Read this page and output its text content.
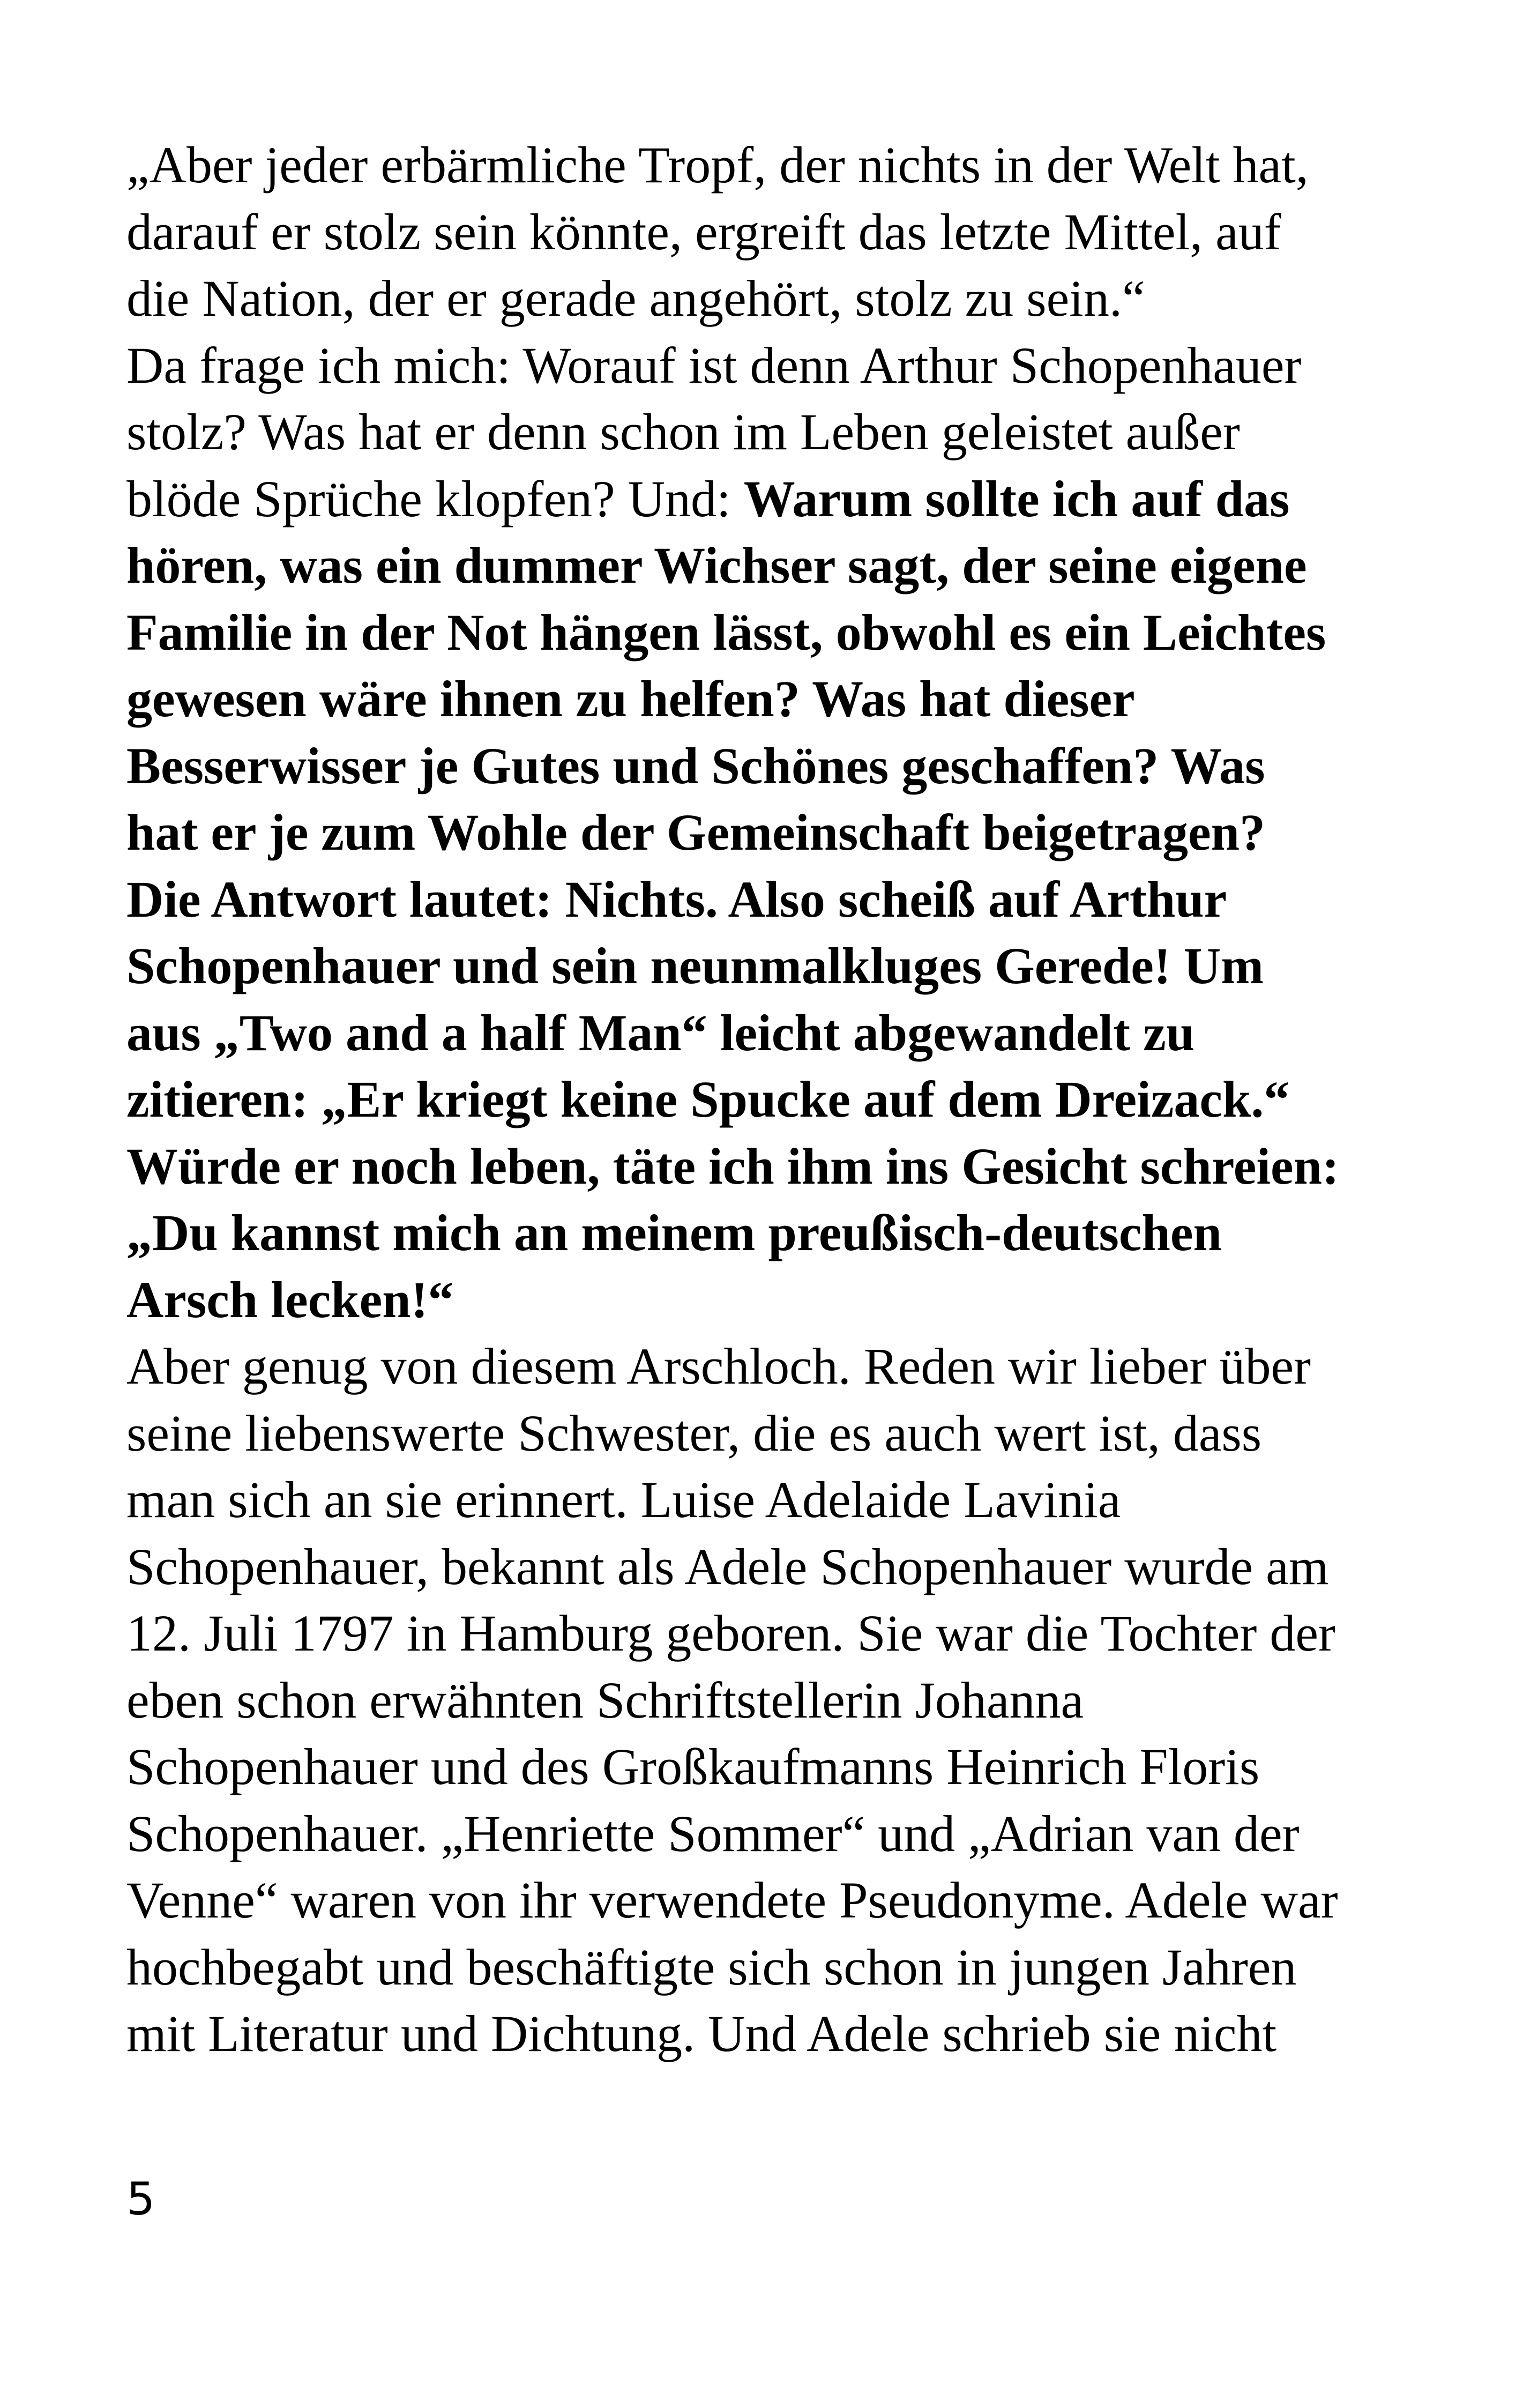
„Aber jeder erbärmliche Tropf, der nichts in der Welt hat,
darauf er stolz sein könnte, ergreift das letzte Mittel, auf
die Nation, der er gerade angehört, stolz zu sein.“
Da frage ich mich: Worauf ist denn Arthur Schopenhauer
stolz? Was hat er denn schon im Leben geleistet außer
blöde Sprüche klopfen? Und: Warum sollte ich auf das
hören, was ein dummer Wichser sagt, der seine eigene
Familie in der Not hängen lässt, obwohl es ein Leichtes
gewesen wäre ihnen zu helfen? Was hat dieser
Besserwisser je Gutes und Schönes geschaffen? Was
hat er je zum Wohle der Gemeinschaft beigetragen?
Die Antwort lautet: Nichts. Also scheiß auf Arthur
Schopenhauer und sein neunmalkluges Gerede! Um
aus „Two and a half Man“ leicht abgewandelt zu
zitieren: „Er kriegt keine Spucke auf dem Dreizack.“
Würde er noch leben, täte ich ihm ins Gesicht schreien:
„Du kannst mich an meinem preußisch-deutschen
Arsch lecken!“
Aber genug von diesem Arschloch. Reden wir lieber über
seine liebenswerte Schwester, die es auch wert ist, dass
man sich an sie erinnert. Luise Adelaide Lavinia
Schopenhauer, bekannt als Adele Schopenhauer wurde am
12. Juli 1797 in Hamburg geboren. Sie war die Tochter der
eben schon erwähnten Schriftstellerin Johanna
Schopenhauer und des Großkaufmanns Heinrich Floris
Schopenhauer. „Henriette Sommer“ und „Adrian van der
Venne“ waren von ihr verwendete Pseudonyme. Adele war
hochbegabt und beschäftigte sich schon in jungen Jahren
mit Literatur und Dichtung. Und Adele schrieb sie nicht
5
